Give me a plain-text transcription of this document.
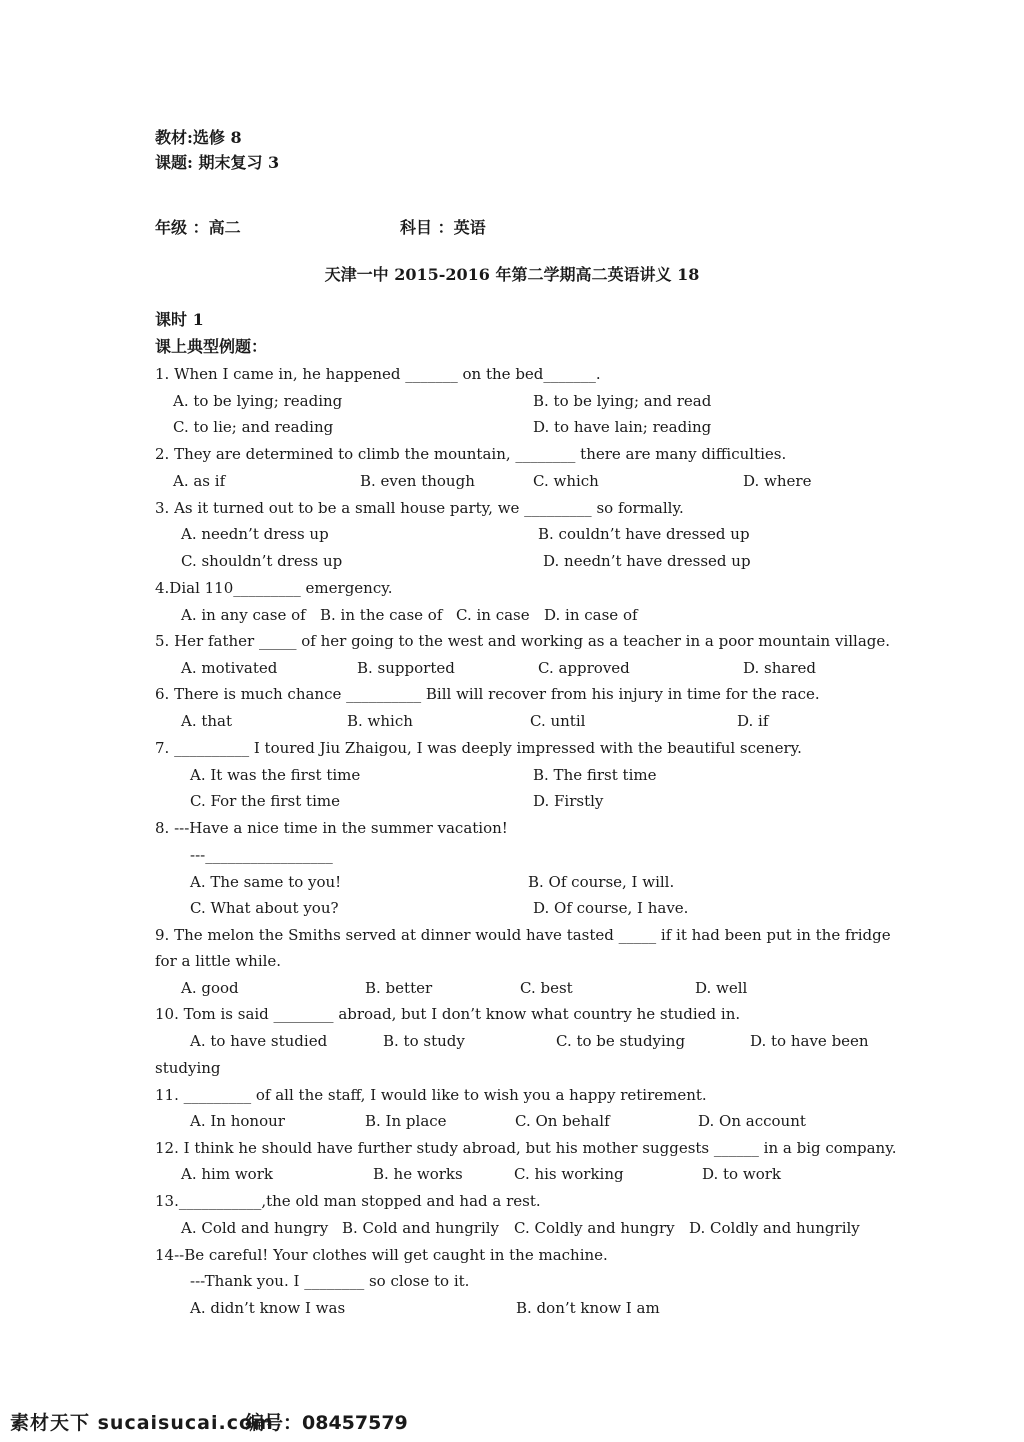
教材:选修 8
课题: 期末复习 3
年级 ：高二	科目 ：英语
天津一中 2015-2016 年第二学期高二英语讲义 18
课时 1
课上典型例题：
1. When I came in, he happened _______ on the bed_______.
A. to be lying; reading	B. to be lying; and read
C. to lie; and reading	D. to have lain; reading
2. They are determined to climb the mountain, ________ there are many difficulties.
A. as if	B. even though	C. which	D. where
3. As it turned out to be a small house party, we _________ so formally.
A. needn’t dress up	B. couldn’t have dressed up
C. shouldn’t dress up	D. needn’t have dressed up
4.Dial 110_________ emergency.
A. in any case of B. in the case of C. in case D. in case of
5. Her father _____ of her going to the west and working as a teacher in a poor mountain village.
A. motivated	B. supported	C. approved	D. shared
6. There is much chance __________ Bill will recover from his injury in time for the race.
A. that	B. which	C. until	D. if
7. __________ I toured Jiu Zhaigou, I was deeply impressed with the beautiful scenery.
A. It was the first time	B. The first time
C. For the first time	D. Firstly
8. ---Have a nice time in the summer vacation!
---_________________
A. The same to you!	B. Of course, I will.
C. What about you?	D. Of course, I have.
9. The melon the Smiths served at dinner would have tasted _____ if it had been put in the fridge
for a little while.
A. good	B. better	C. best	D. well
10. Tom is said ________ abroad, but I don’t know what country he studied in.
A. to have studied	B. to study	C. to be studying	D. to have been
studying
11. _________ of all the staff, I would like to wish you a happy retirement.
A. In honour	B. In place	C. On behalf	D. On account
12. I think he should have further study abroad, but his mother suggests ______ in a big company.
A. him work	B. he works	C. his working	D. to work
13.___________,the old man stopped and had a rest.
A. Cold and hungry B. Cold and hungrily C. Coldly and hungry D. Coldly and hungrily
14--Be careful! Your clothes will get caught in the machine.
---Thank you. I ________ so close to it.
A. didn’t know I was	B. don’t know I am
素材天下 sucaisucai.com
编号：08457579
